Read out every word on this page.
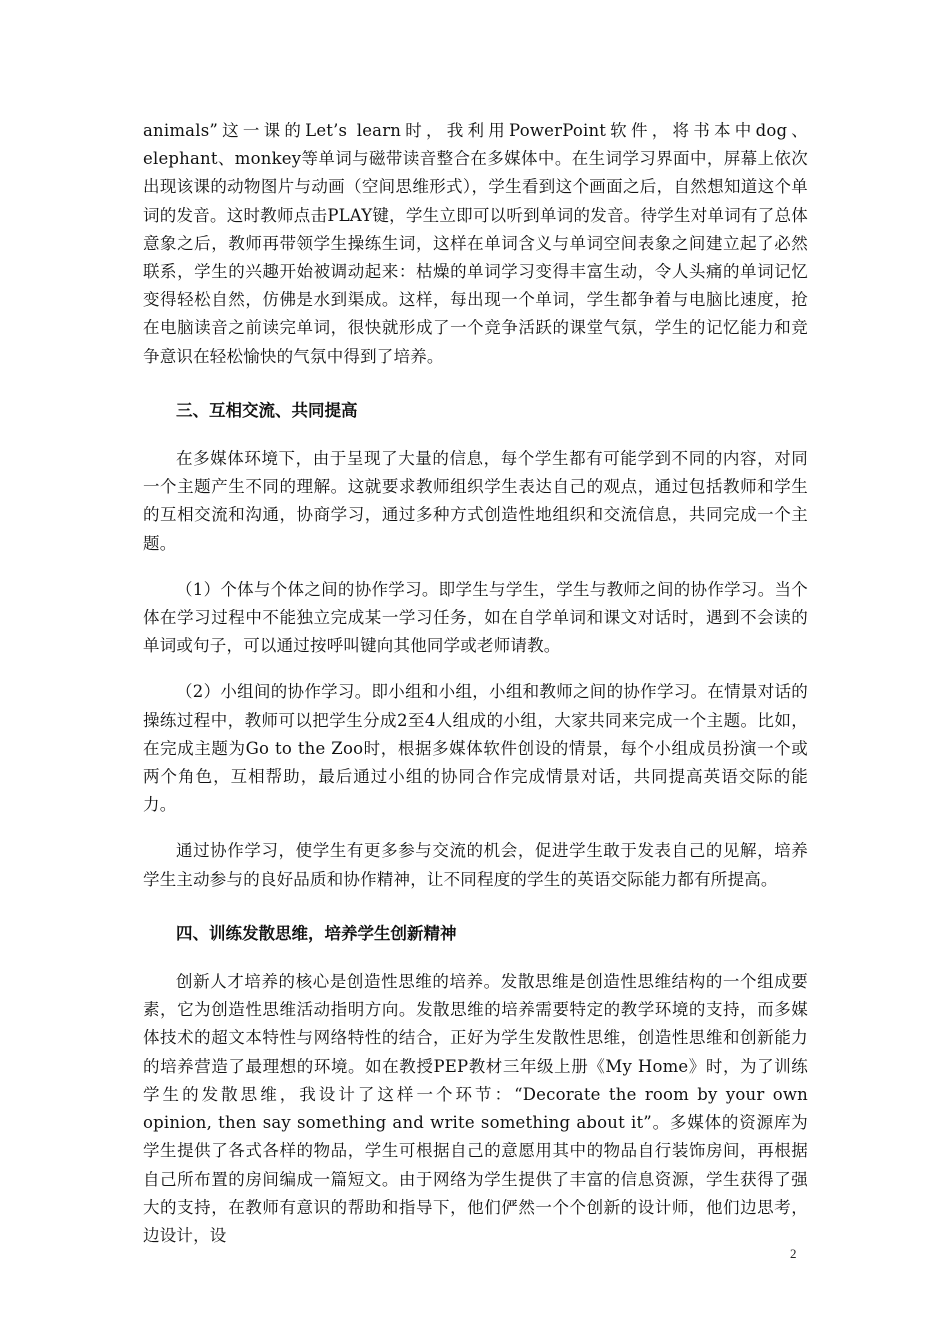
animals”这一课的Let’s learn时，我利用PowerPoint软件，将书本中dog、elephant、monkey等单词与磁带读音整合在多媒体中。在生词学习界面中，屏幕上依次出现该课的动物图片与动画（空间思维形式），学生看到这个画面之后，自然想知道这个单词的发音。这时教师点击PLAY键，学生立即可以听到单词的发音。待学生对单词有了总体意象之后，教师再带领学生操练生词，这样在单词含义与单词空间表象之间建立起了必然联系，学生的兴趣开始被调动起来：枯燥的单词学习变得丰富生动，令人头痛的单词记忆变得轻松自然，仿佛是水到渠成。这样，每出现一个单词，学生都争着与电脑比速度，抢在电脑读音之前读完单词，很快就形成了一个竞争活跃的课堂气氛，学生的记忆能力和竞争意识在轻松愉快的气氛中得到了培养。

三、互相交流、共同提高

在多媒体环境下，由于呈现了大量的信息，每个学生都有可能学到不同的内容，对同一个主题产生不同的理解。这就要求教师组织学生表达自己的观点，通过包括教师和学生的互相交流和沟通，协商学习，通过多种方式创造性地组织和交流信息，共同完成一个主题。

（1）个体与个体之间的协作学习。即学生与学生，学生与教师之间的协作学习。当个体在学习过程中不能独立完成某一学习任务，如在自学单词和课文对话时，遇到不会读的单词或句子，可以通过按呼叫键向其他同学或老师请教。

（2）小组间的协作学习。即小组和小组，小组和教师之间的协作学习。在情景对话的操练过程中，教师可以把学生分成2至4人组成的小组，大家共同来完成一个主题。比如，在完成主题为Go to the Zoo时，根据多媒体软件创设的情景，每个小组成员扮演一个或两个角色，互相帮助，最后通过小组的协同合作完成情景对话，共同提高英语交际的能力。

通过协作学习，使学生有更多参与交流的机会，促进学生敢于发表自己的见解，培养学生主动参与的良好品质和协作精神，让不同程度的学生的英语交际能力都有所提高。

四、训练发散思维，培养学生创新精神

创新人才培养的核心是创造性思维的培养。发散思维是创造性思维结构的一个组成要素，它为创造性思维活动指明方向。发散思维的培养需要特定的教学环境的支持，而多媒体技术的超文本特性与网络特性的结合，正好为学生发散性思维，创造性思维和创新能力的培养营造了最理想的环境。如在教授PEP教材三年级上册《My Home》时，为了训练学生的发散思维，我设计了这样一个环节：“Decorate the room by your own opinion, then say something and write something about it”。多媒体的资源库为学生提供了各式各样的物品，学生可根据自己的意愿用其中的物品自行装饰房间，再根据自己所布置的房间编成一篇短文。由于网络为学生提供了丰富的信息资源，学生获得了强大的支持，在教师有意识的帮助和指导下，他们俨然一个个创新的设计师，他们边思考，边设计，设

2
